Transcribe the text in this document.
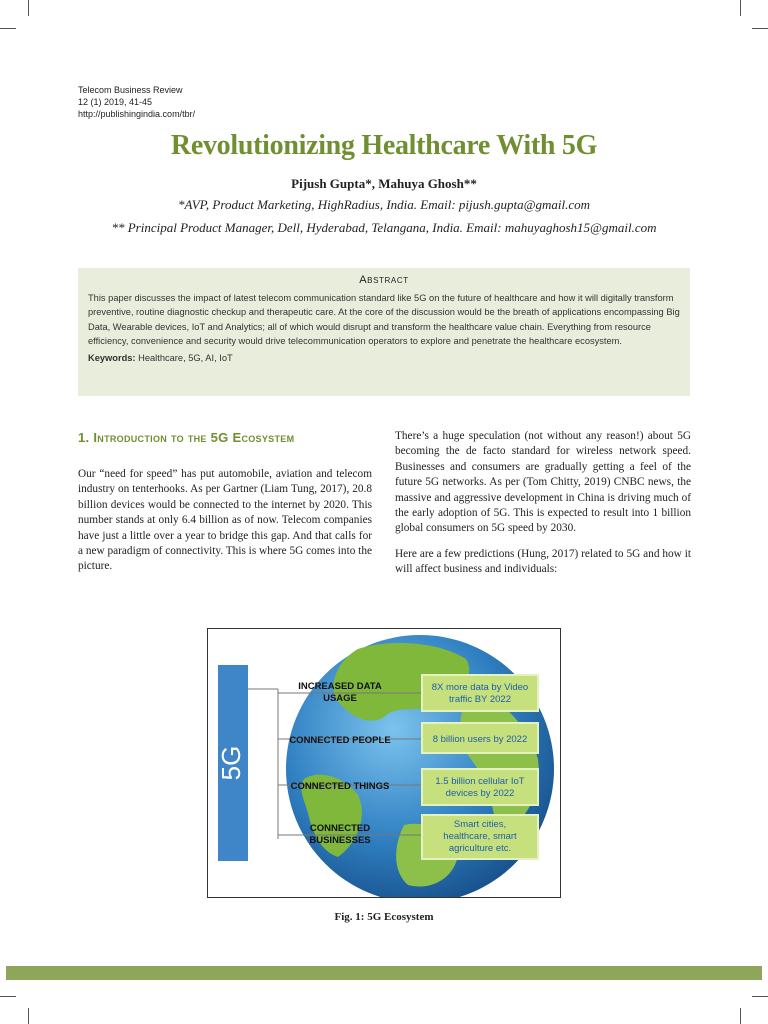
Telecom Business Review
12 (1) 2019, 41-45
http://publishingindia.com/tbr/
Revolutionizing Healthcare With 5G
Pijush Gupta*, Mahuya Ghosh**
*AVP, Product Marketing, HighRadius, India. Email: pijush.gupta@gmail.com
** Principal Product Manager, Dell, Hyderabad, Telangana, India. Email: mahuyaghosh15@gmail.com
Abstract
This paper discusses the impact of latest telecom communication standard like 5G on the future of healthcare and how it will digitally transform preventive, routine diagnostic checkup and therapeutic care. At the core of the discussion would be the breath of applications encompassing Big Data, Wearable devices, IoT and Analytics; all of which would disrupt and transform the healthcare value chain. Everything from resource efficiency, convenience and security would drive telecommunication operators to explore and penetrate the healthcare ecosystem.
Keywords: Healthcare, 5G, AI, IoT
1. Introduction to the 5G Ecosystem

Our “need for speed” has put automobile, aviation and telecom industry on tenterhooks. As per Gartner (Liam Tung, 2017), 20.8 billion devices would be connected to the internet by 2020. This number stands at only 6.4 billion as of now. Telecom companies have just a little over a year to bridge this gap. And that calls for a new paradigm of connectivity. This is where 5G comes into the picture.

There’s a huge speculation (not without any reason!) about 5G becoming the de facto standard for wireless network speed. Businesses and consumers are gradually getting a feel of the future 5G networks. As per (Tom Chitty, 2019) CNBC news, the massive and aggressive development in China is driving much of the early adoption of 5G. This is expected to result into 1 billion global consumers on 5G speed by 2030.

Here are a few predictions (Hung, 2017) related to 5G and how it will affect business and individuals:

5G
INCREASED DATA
USAGE
CONNECTED PEOPLE
CONNECTED THINGS
CONNECTED
BUSINESSES
8X more data by Video
traffic BY 2022
8 billion users by 2022
1.5 billion cellular IoT
devices by 2022
Smart cities,
healthcare, smart
agriculture etc.
Fig. 1: 5G Ecosystem
